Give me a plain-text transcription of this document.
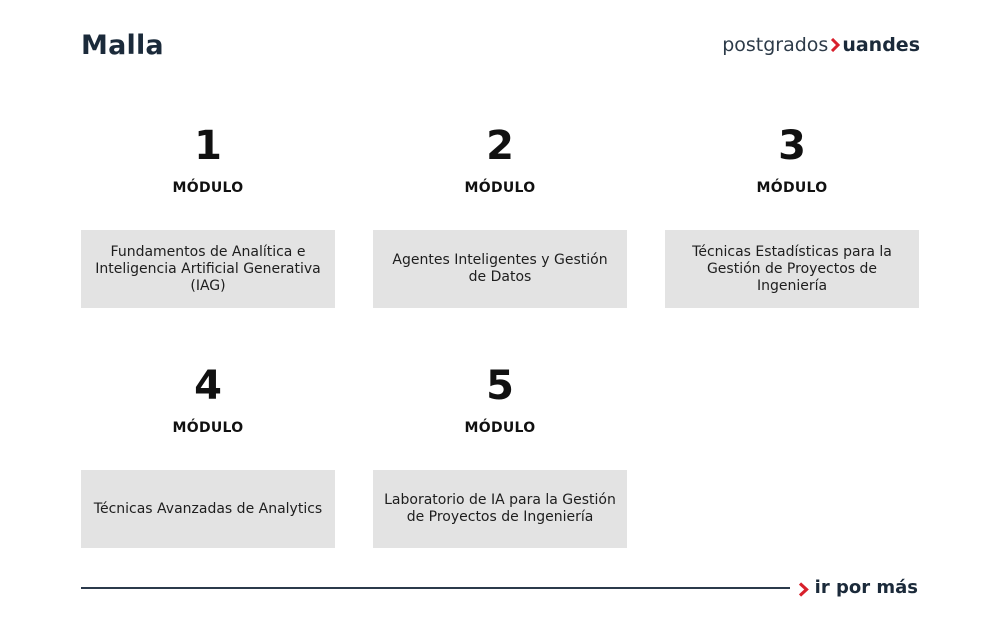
Malla	postgrados uandes
1
MÓDULO
Fundamentos de Analítica e Inteligencia Artificial Generativa (IAG)
2
MÓDULO
Agentes Inteligentes y Gestión de Datos
3
MÓDULO
Técnicas Estadísticas para la Gestión de Proyectos de Ingeniería
4
MÓDULO
Técnicas Avanzadas de Analytics
5
MÓDULO
Laboratorio de IA para la Gestión de Proyectos de Ingeniería
ir por más
